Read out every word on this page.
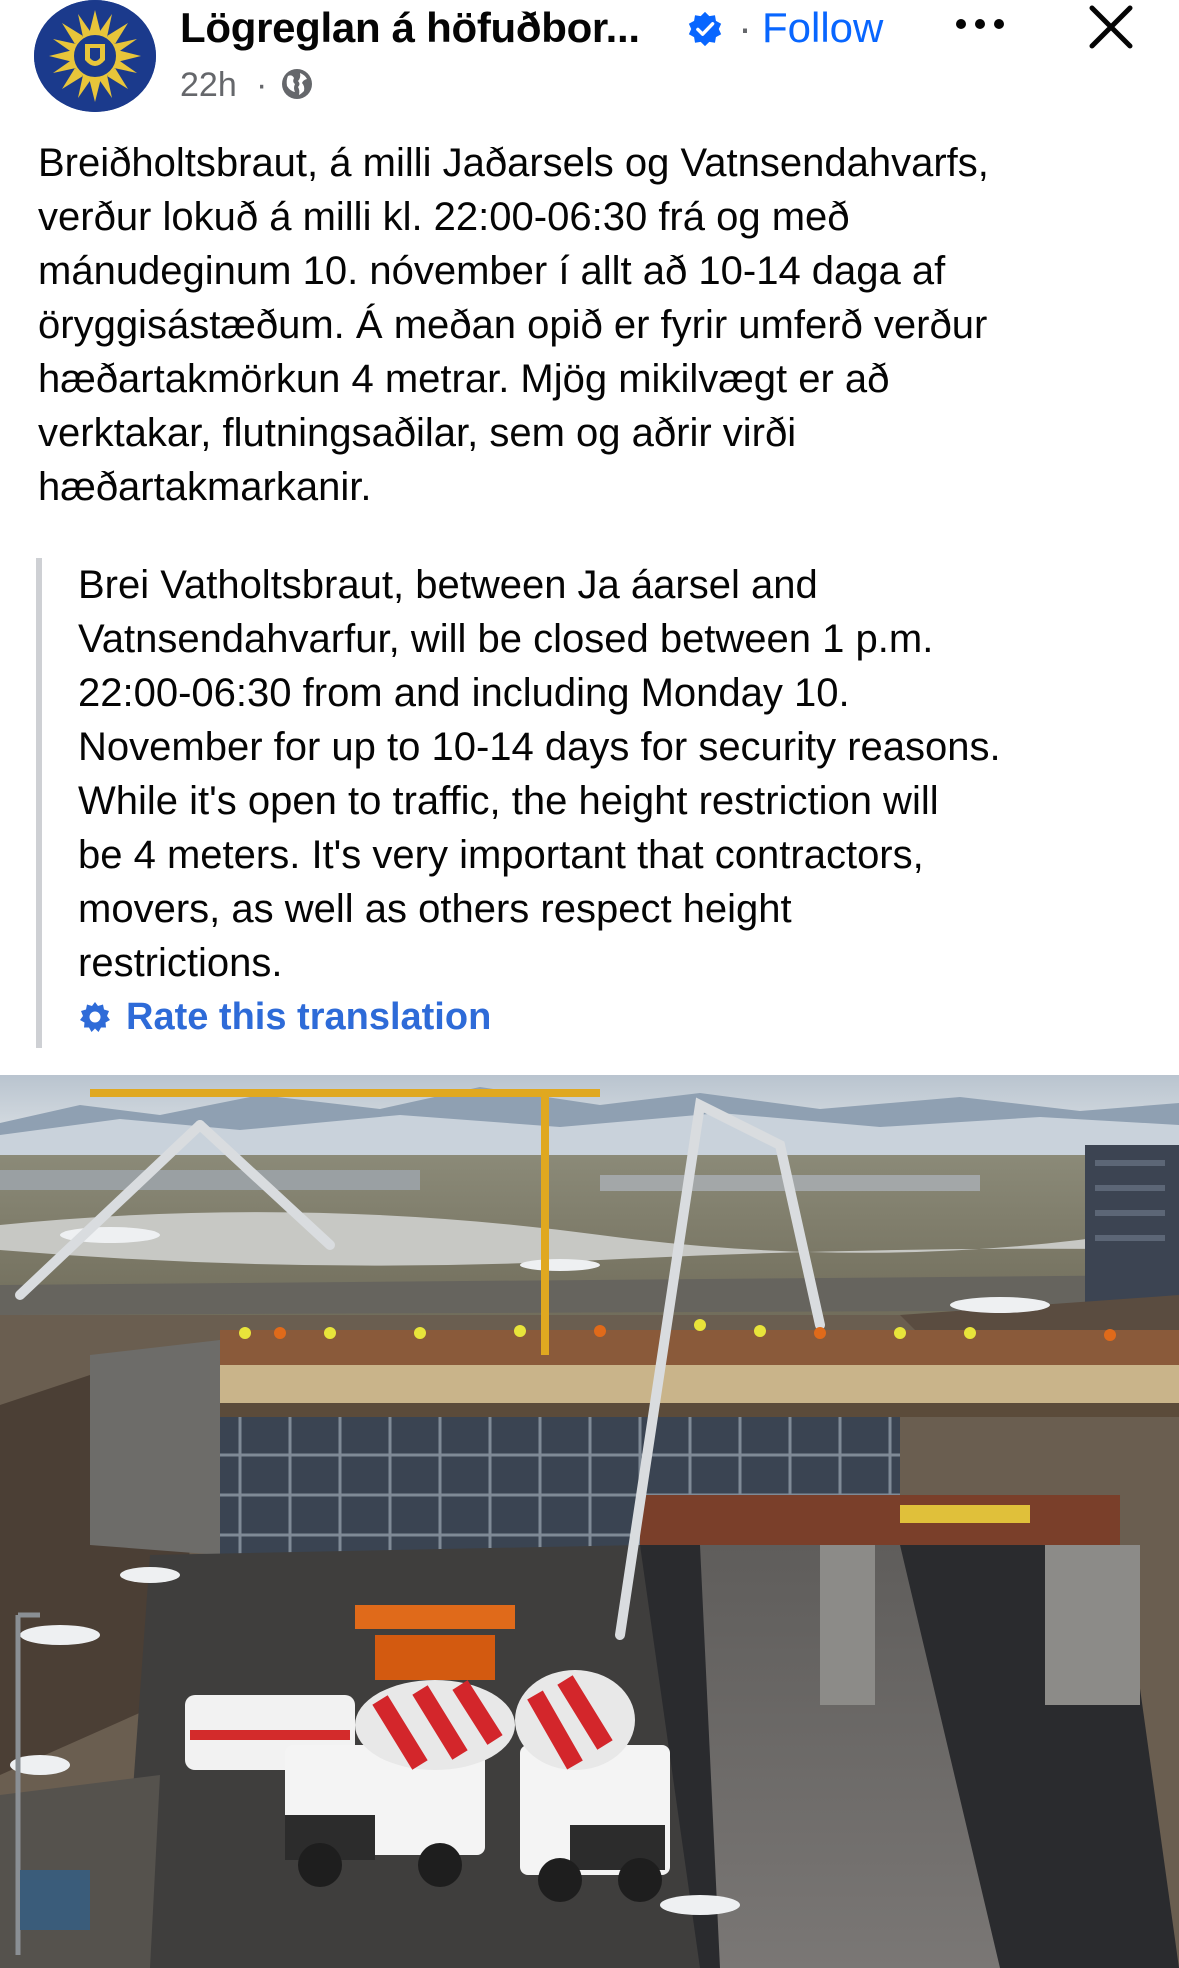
Lögreglan á höfuðbor... · Follow
22h ·
Breiðholtsbraut, á milli Jaðarsels og Vatnsendahvarfs,
verður lokuð á milli kl. 22:00-06:30 frá og með
mánudeginum 10. nóvember í allt að 10-14 daga af
öryggisástæðum. Á meðan opið er fyrir umferð verður
hæðartakmörkun 4 metrar. Mjög mikilvægt er að
verktakar, flutningsaðilar, sem og aðrir virði
hæðartakmarkanir.
Brei Vatholtsbraut, between Ja áarsel and
Vatnsendahvarfur, will be closed between 1 p.m.
22:00-06:30 from and including Monday 10.
November for up to 10-14 days for security reasons.
While it's open to traffic, the height restriction will
be 4 meters. It's very important that contractors,
movers, as well as others respect height
restrictions.
Rate this translation
